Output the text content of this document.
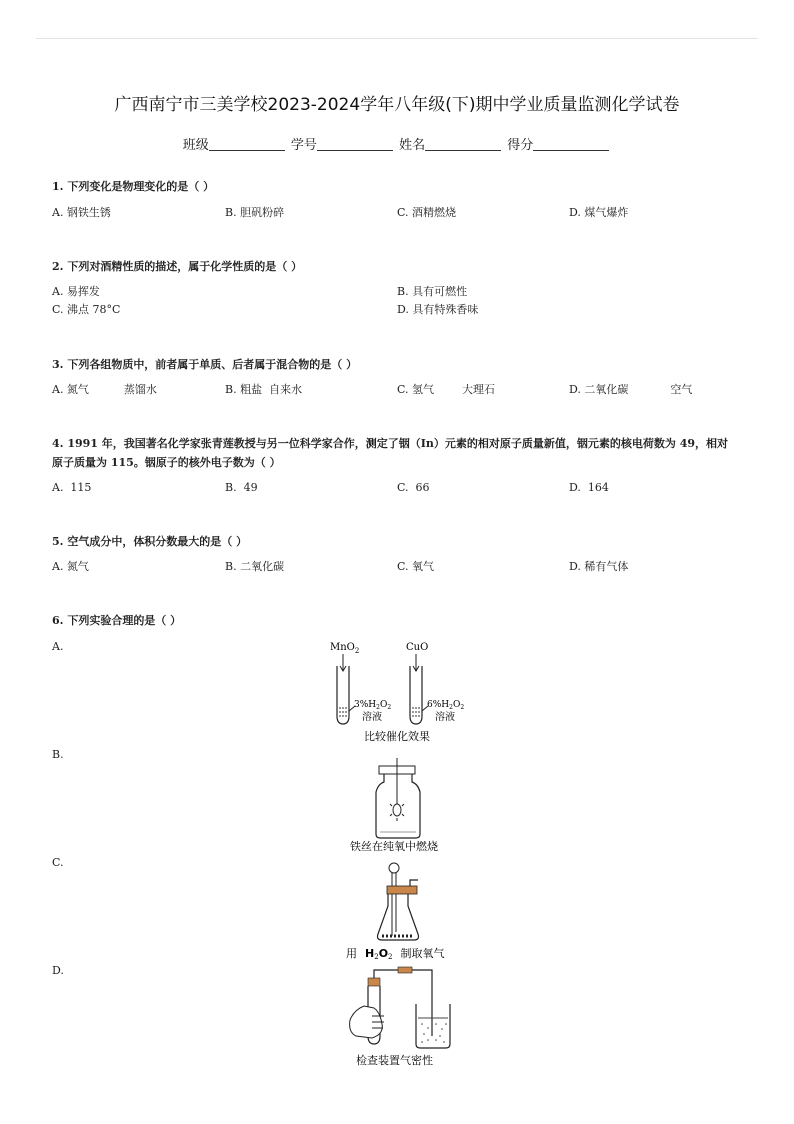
广西南宁市三美学校2023-2024学年八年级(下)期中学业质量监测化学试卷
班级	学号	姓名	得分
1. 下列变化是物理变化的是（ ）
A. 钢铁生锈	B. 胆矾粉碎	C. 酒精燃烧	D. 煤气爆炸
2. 下列对酒精性质的描述，属于化学性质的是（ ）
A. 易挥发	B. 具有可燃性
C. 沸点 78°C	D. 具有特殊香味
3. 下列各组物质中，前者属于单质、后者属于混合物的是（ ）
A. 氮气          蒸馏水	B. 粗盐  自来水	C. 氢气        大理石	D. 二氧化碳            空气
4. 1991 年，我国著名化学家张青莲教授与另一位科学家合作，测定了铟（In）元素的相对原子质量新值，铟元素的核电荷数为 49，相对原子质量为 115。铟原子的核外电子数为（ ）
A.  115	B.  49	C.  66	D.  164
5. 空气成分中，体积分数最大的是（ ）
A. 氮气	B. 二氧化碳	C. 氧气	D. 稀有气体
6. 下列实验合理的是（ ）
A.
B.
C.
D.
MnO$_2$	CuO
$3\%H_2O_2$	$6\%H_2O_2$
溶液	溶液
比较催化效果
铁丝在纯氧中燃烧
用 H2O2 制取氧气
检查装置气密性
